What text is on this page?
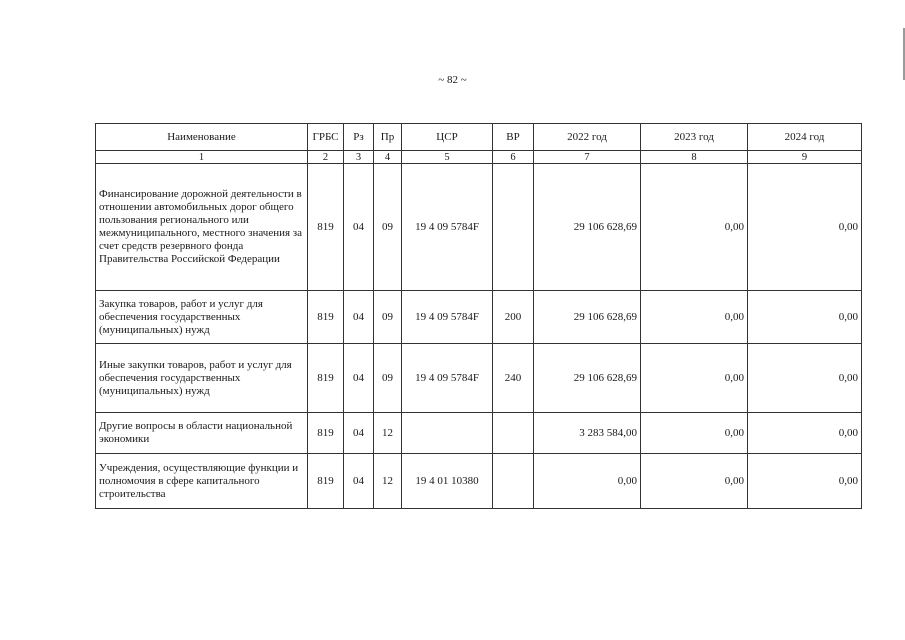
~ 82 ~
Наименование	ГРБС	Рз	Пр	ЦСР	ВР	2022 год	2023 год	2024 год
1	2	3	4	5	6	7	8	9
Финансирование дорожной деятельности в отношении автомобильных дорог общего пользования регионального или межмуниципального, местного значения за счет средств резервного фонда Правительства Российской Федерации	819	04	09	19 4 09 5784F		29 106 628,69	0,00	0,00
Закупка товаров, работ и услуг для обеспечения государственных (муниципальных) нужд	819	04	09	19 4 09 5784F	200	29 106 628,69	0,00	0,00
Иные закупки товаров, работ и услуг для обеспечения государственных (муниципальных) нужд	819	04	09	19 4 09 5784F	240	29 106 628,69	0,00	0,00
Другие вопросы в области национальной экономики	819	04	12			3 283 584,00	0,00	0,00
Учреждения, осуществляющие функции и полномочия в сфере капитального строительства	819	04	12	19 4 01 10380		0,00	0,00	0,00
